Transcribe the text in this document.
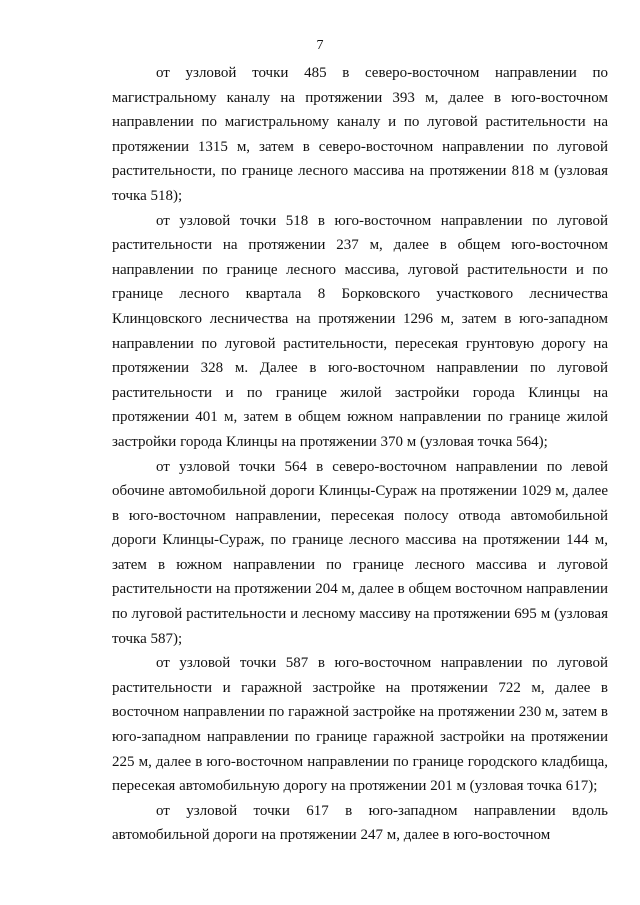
7

от узловой точки 485 в северо-восточном направлении по магистральному каналу на протяжении 393 м, далее в юго-восточном направлении по магистральному каналу и по луговой растительности на протяжении 1315 м, затем в северо-восточном направлении по луговой растительности, по границе лесного массива на протяжении 818 м (узловая точка 518);

от узловой точки 518 в юго-восточном направлении по луговой растительности на протяжении 237 м, далее в общем юго-восточном направлении по границе лесного массива, луговой растительности и по границе лесного квартала 8 Борковского участкового лесничества Клинцовского лесничества на протяжении 1296 м, затем в юго-западном направлении по луговой растительности, пересекая грунтовую дорогу на протяжении 328 м. Далее в юго-восточном направлении по луговой растительности и по границе жилой застройки города Клинцы на протяжении 401 м, затем в общем южном направлении по границе жилой застройки города Клинцы на протяжении 370 м (узловая точка 564);

от узловой точки 564 в северо-восточном направлении по левой обочине автомобильной дороги Клинцы-Сураж на протяжении 1029 м, далее в юго-восточном направлении, пересекая полосу отвода автомобильной дороги Клинцы-Сураж, по границе лесного массива на протяжении 144 м, затем в южном направлении по границе лесного массива и луговой растительности на протяжении 204 м, далее в общем восточном направлении по луговой растительности и лесному массиву на протяжении 695 м (узловая точка 587);

от узловой точки 587 в юго-восточном направлении по луговой растительности и гаражной застройке на протяжении 722 м, далее в восточном направлении по гаражной застройке на протяжении 230 м, затем в юго-западном направлении по границе гаражной застройки на протяжении 225 м, далее в юго-восточном направлении по границе городского кладбища, пересекая автомобильную дорогу на протяжении 201 м (узловая точка 617);

от узловой точки 617 в юго-западном направлении вдоль автомобильной дороги на протяжении 247 м, далее в юго-восточном
